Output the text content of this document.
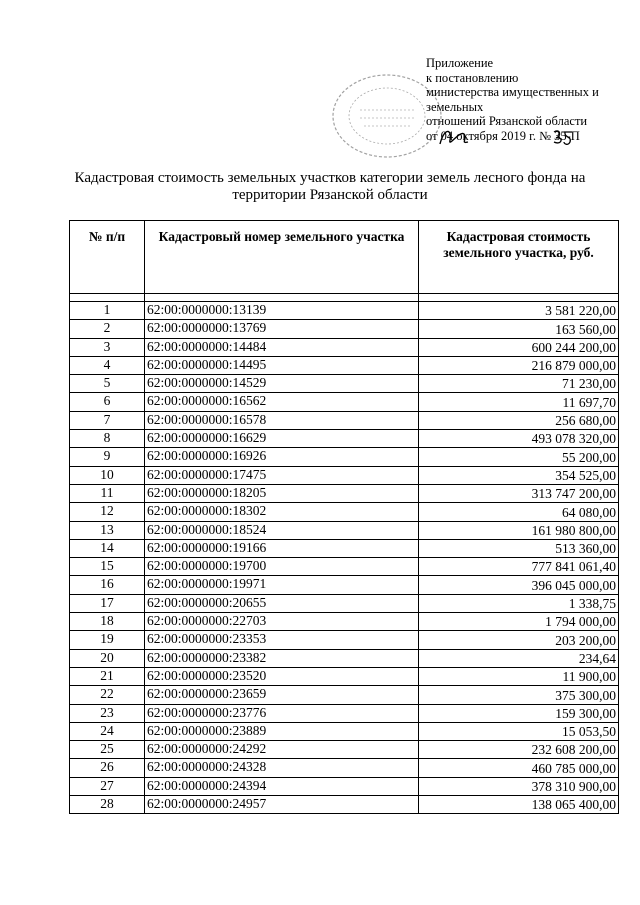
Приложение
к постановлению
министерства имущественных и
земельных
отношений Рязанской области
от 04 октября 2019 г. № 35-П
Кадастровая стоимость земельных участков категории земель лесного фонда на территории Рязанской области
№ п/п	Кадастровый номер земельного участка	Кадастровая стоимость земельного участка, руб.

1	62:00:0000000:13139	3 581 220,00
2	62:00:0000000:13769	163 560,00
3	62:00:0000000:14484	600 244 200,00
4	62:00:0000000:14495	216 879 000,00
5	62:00:0000000:14529	71 230,00
6	62:00:0000000:16562	11 697,70
7	62:00:0000000:16578	256 680,00
8	62:00:0000000:16629	493 078 320,00
9	62:00:0000000:16926	55 200,00
10	62:00:0000000:17475	354 525,00
11	62:00:0000000:18205	313 747 200,00
12	62:00:0000000:18302	64 080,00
13	62:00:0000000:18524	161 980 800,00
14	62:00:0000000:19166	513 360,00
15	62:00:0000000:19700	777 841 061,40
16	62:00:0000000:19971	396 045 000,00
17	62:00:0000000:20655	1 338,75
18	62:00:0000000:22703	1 794 000,00
19	62:00:0000000:23353	203 200,00
20	62:00:0000000:23382	234,64
21	62:00:0000000:23520	11 900,00
22	62:00:0000000:23659	375 300,00
23	62:00:0000000:23776	159 300,00
24	62:00:0000000:23889	15 053,50
25	62:00:0000000:24292	232 608 200,00
26	62:00:0000000:24328	460 785 000,00
27	62:00:0000000:24394	378 310 900,00
28	62:00:0000000:24957	138 065 400,00
